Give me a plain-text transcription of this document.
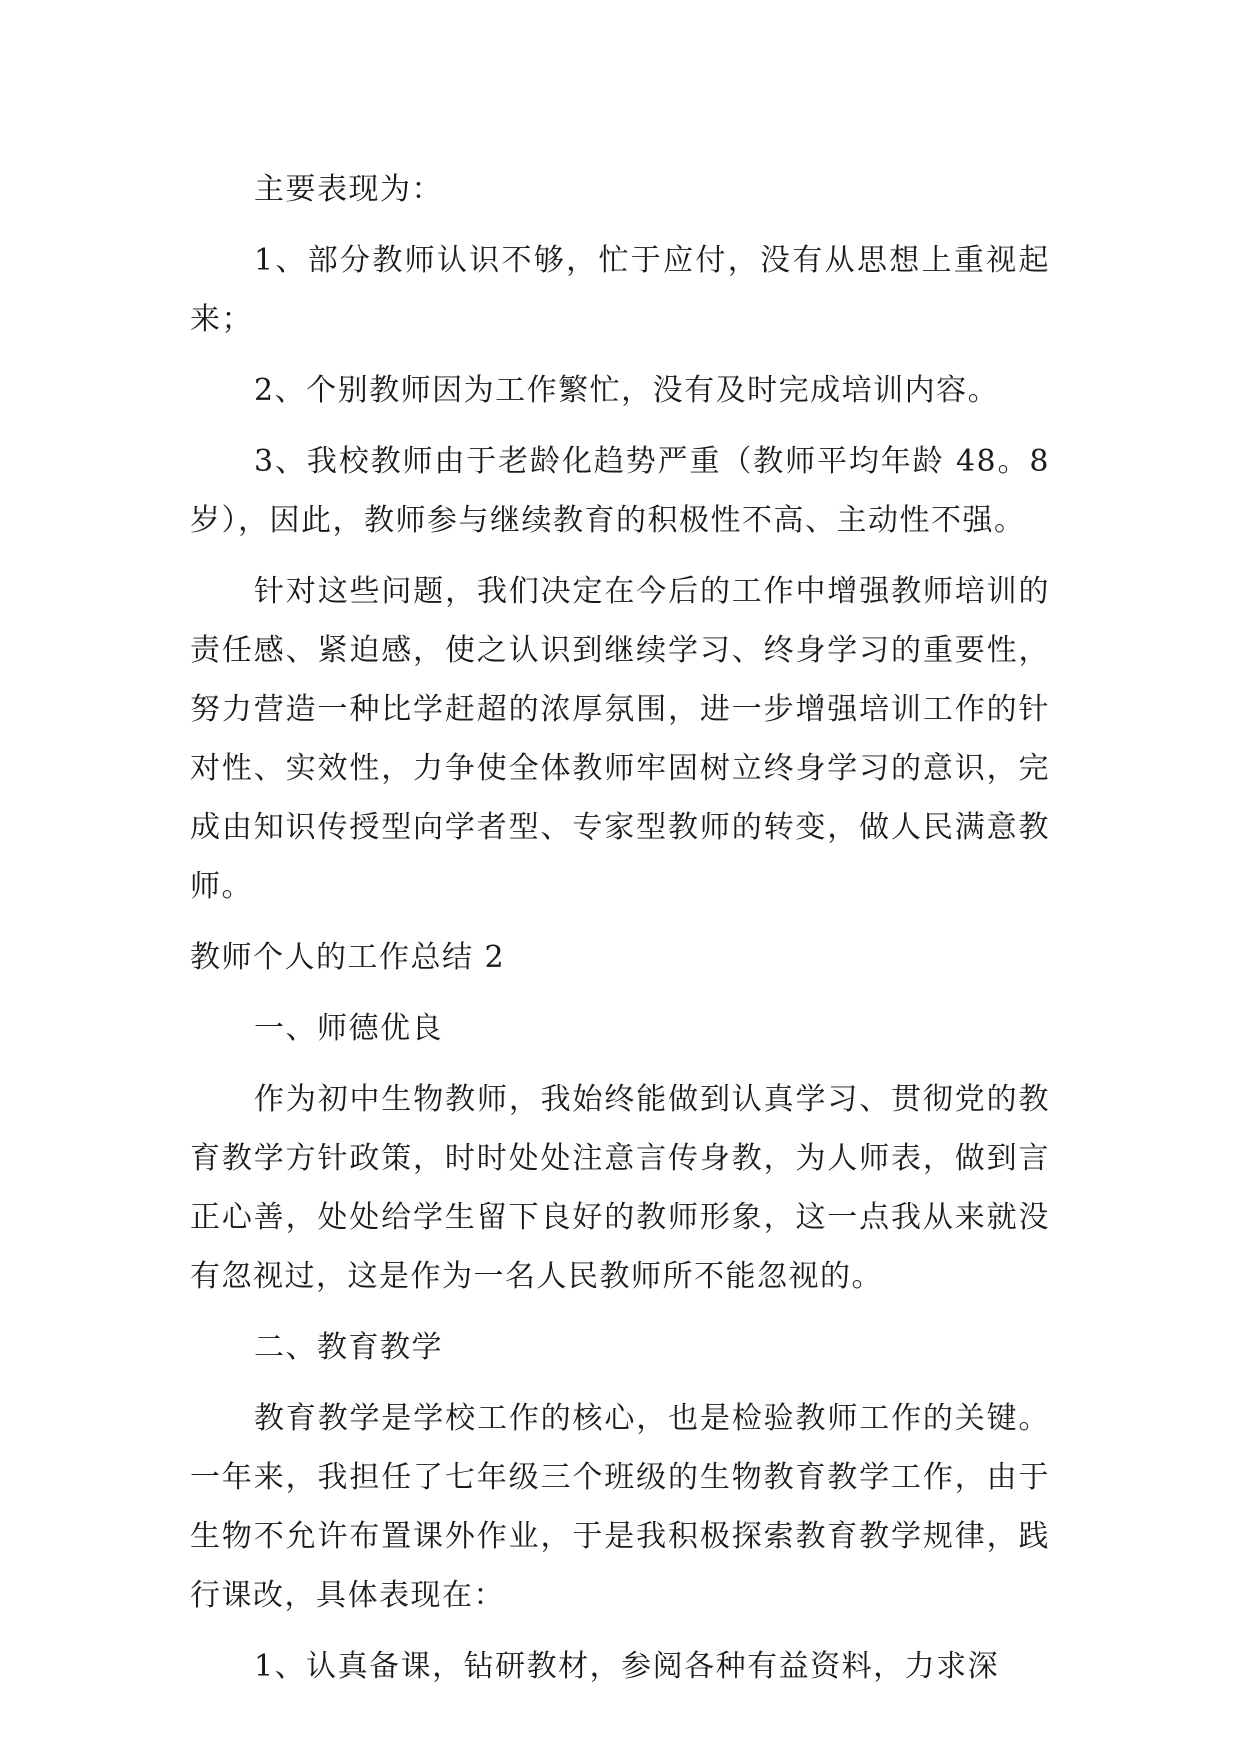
主要表现为：

1、部分教师认识不够，忙于应付，没有从思想上重视起来；

2、个别教师因为工作繁忙，没有及时完成培训内容。

3、我校教师由于老龄化趋势严重（教师平均年龄 48。8 岁），因此，教师参与继续教育的积极性不高、主动性不强。

针对这些问题，我们决定在今后的工作中增强教师培训的责任感、紧迫感，使之认识到继续学习、终身学习的重要性，努力营造一种比学赶超的浓厚氛围，进一步增强培训工作的针对性、实效性，力争使全体教师牢固树立终身学习的意识，完成由知识传授型向学者型、专家型教师的转变，做人民满意教师。

教师个人的工作总结 2

一、师德优良

作为初中生物教师，我始终能做到认真学习、贯彻党的教育教学方针政策，时时处处注意言传身教，为人师表，做到言正心善，处处给学生留下良好的教师形象，这一点我从来就没有忽视过，这是作为一名人民教师所不能忽视的。

二、教育教学

教育教学是学校工作的核心，也是检验教师工作的关键。一年来，我担任了七年级三个班级的生物教育教学工作，由于生物不允许布置课外作业，于是我积极探索教育教学规律，践行课改，具体表现在：

1、认真备课，钻研教材，参阅各种有益资料，力求深
